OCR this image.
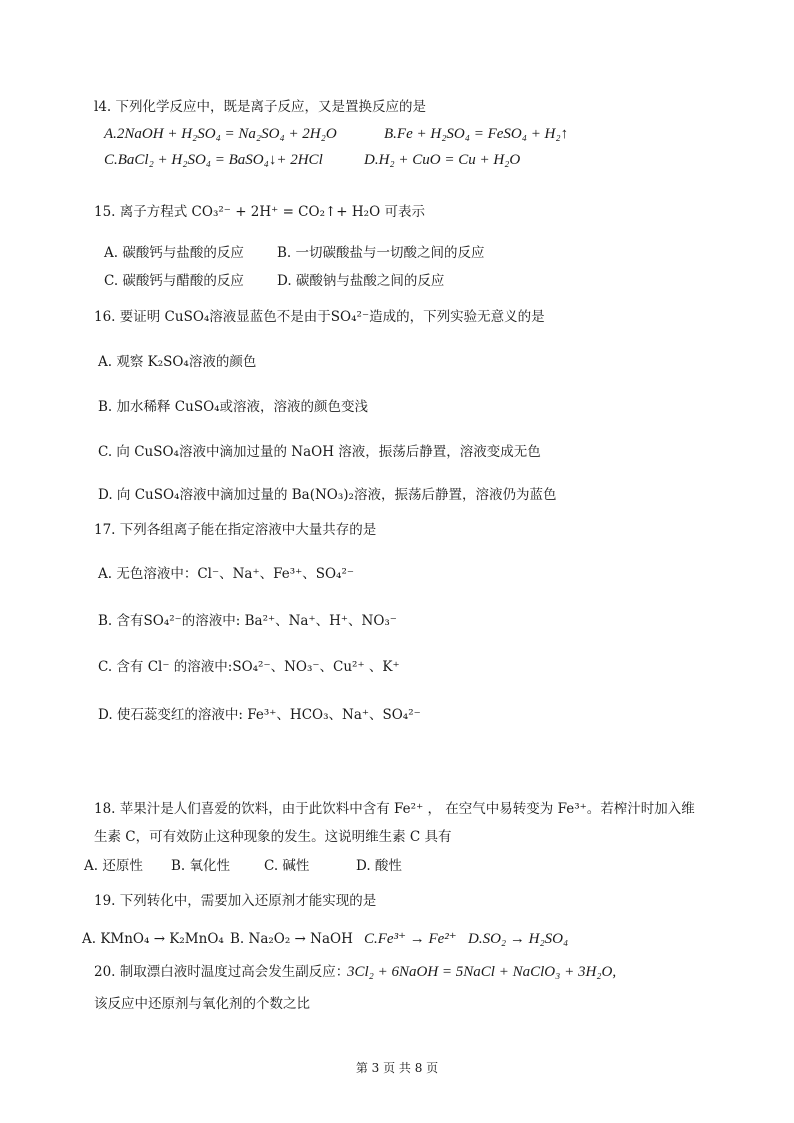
l4. 下列化学反应中，既是离子反应，又是置换反应的是
A.2NaOH + H₂SO₄ = Na₂SO₄ + 2H₂O	B.Fe + H₂SO₄ = FeSO₄ + H₂↑
C.BaCl₂ + H₂SO₄ = BaSO₄↓+ 2HCl	D.H₂ + CuO = Cu + H₂O
15. 离子方程式 CO₃²⁻ + 2H⁺ = CO₂↑+ H₂O 可表示
A. 碳酸钙与盐酸的反应 B. 一切碳酸盐与一切酸之间的反应
C. 碳酸钙与醋酸的反应 D. 碳酸钠与盐酸之间的反应
16. 要证明 CuSO₄溶液显蓝色不是由于SO₄²⁻造成的，下列实验无意义的是
A. 观察 K₂SO₄溶液的颜色
B. 加水稀释 CuSO₄或溶液，溶液的颜色变浅
C. 向 CuSO₄溶液中滴加过量的 NaOH 溶液，振荡后静置，溶液变成无色
D. 向 CuSO₄溶液中滴加过量的 Ba(NO₃)₂溶液，振荡后静置，溶液仍为蓝色
17. 下列各组离子能在指定溶液中大量共存的是
A. 无色溶液中：Cl⁻、Na⁺、Fe³⁺、SO₄²⁻
B. 含有SO₄²⁻的溶液中: Ba²⁺、Na⁺、H⁺、NO₃⁻
C. 含有 Cl⁻ 的溶液中:SO₄²⁻、NO₃⁻、Cu²⁺ 、K⁺
D. 使石蕊变红的溶液中: Fe³⁺、HCO₃、Na⁺、SO₄²⁻
18. 苹果汁是人们喜爱的饮料，由于此饮料中含有 Fe²⁺ ， 在空气中易转变为 Fe³⁺。若榨汁时加入维
生素 C，可有效防止这种现象的发生。这说明维生素 C 具有
A. 还原性 B. 氧化性	C. 碱性	D. 酸性
19. 下列转化中，需要加入还原剂才能实现的是
A. KMnO₄ → K₂MnO₄ B. Na₂O₂ → NaOH C.Fe³⁺ → Fe²⁺ D.SO₂ → H₂SO₄
20. 制取漂白液时温度过高会发生副反应：
3Cl₂ + 6NaOH = 5NaCl + NaClO₃ + 3H₂O,
该反应中还原剂与氧化剂的个数之比
第 3 页 共 8 页
